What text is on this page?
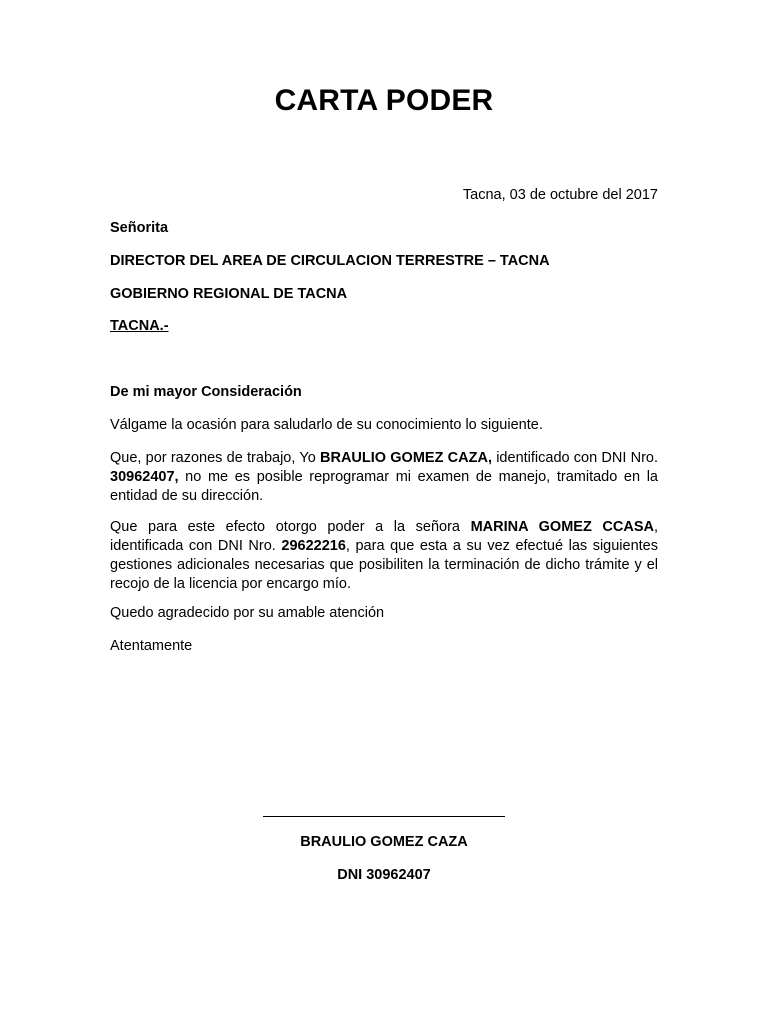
CARTA PODER
Tacna, 03 de octubre del 2017
Señorita
DIRECTOR DEL AREA DE CIRCULACION TERRESTRE – TACNA
GOBIERNO REGIONAL DE TACNA
TACNA.-
De mi mayor Consideración
Válgame la ocasión para saludarlo de su conocimiento lo siguiente.
Que, por razones de trabajo, Yo BRAULIO GOMEZ CAZA, identificado con DNI Nro. 30962407, no me es posible reprogramar mi examen de manejo, tramitado en la entidad de su dirección.
Que para este efecto otorgo poder a la señora MARINA GOMEZ CCASA, identificada con DNI Nro. 29622216, para que esta a su vez efectué las siguientes gestiones adicionales necesarias que posibiliten la terminación de dicho trámite y el recojo de la licencia por encargo mío.
Quedo agradecido por su amable atención
Atentamente
BRAULIO GOMEZ CAZA
DNI 30962407
